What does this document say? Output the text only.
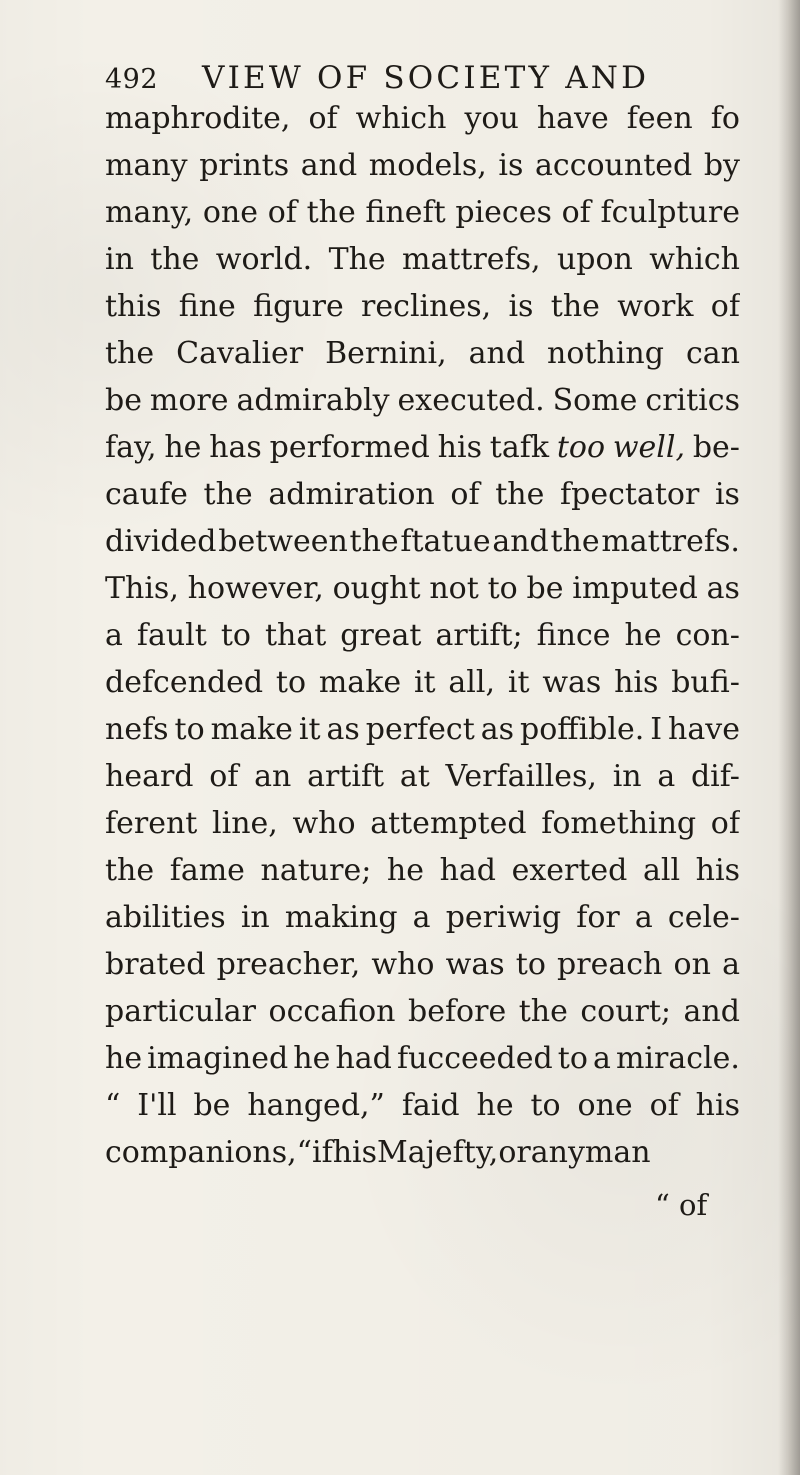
492 VIEW OF SOCIETY AND
maphrodite, of which you have feen fo
many prints and models, is accounted by
many, one of the fineft pieces of fculpture
in the world. The mattrefs, upon which
this fine figure reclines, is the work of
the Cavalier Bernini, and nothing can
be more admirably executed. Some critics
fay, he has performed his tafk too well, be-
caufe the admiration of the fpectator is
divided between the ftatue and the mattrefs.
This, however, ought not to be imputed as
a fault to that great artift; fince he con-
defcended to make it all, it was his bufi-
nefs to make it as perfect as poffible. I have
heard of an artift at Verfailles, in a dif-
ferent line, who attempted fomething of
the fame nature; he had exerted all his
abilities in making a periwig for a cele-
brated preacher, who was to preach on a
particular occafion before the court; and
he imagined he had fucceeded to a miracle.
“ I'll be hanged,” faid he to one of his
companions, “ if his Majefty, or any man
“ of
